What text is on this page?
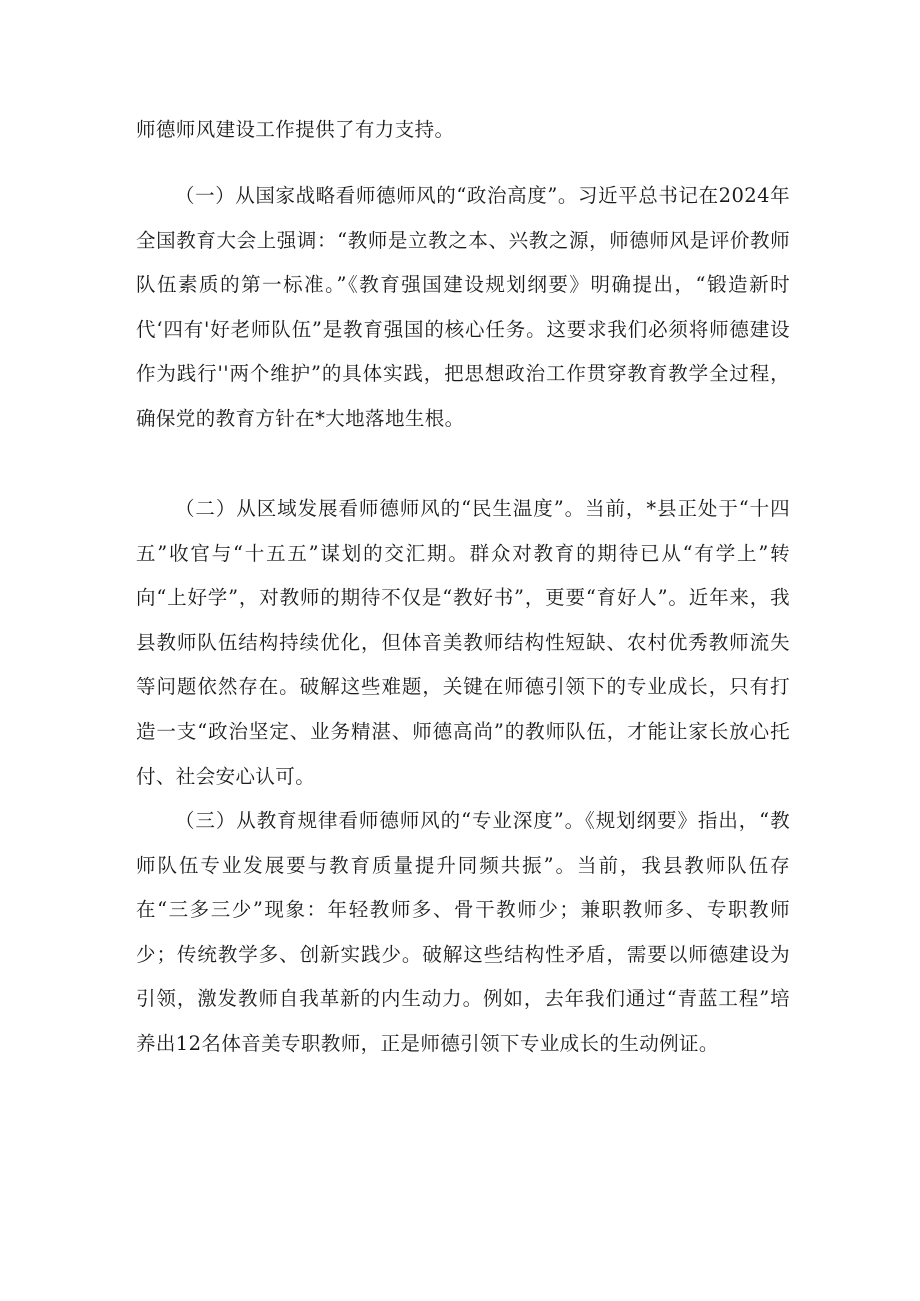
师德师风建设工作提供了有力支持。

（一）从国家战略看师德师风的“政治高度”。习近平总书记在2024年全国教育大会上强调：“教师是立教之本、兴教之源，师德师风是评价教师队伍素质的第一标准。”《教育强国建设规划纲要》明确提出，“锻造新时代‘四有'好老师队伍”是教育强国的核心任务。这要求我们必须将师德建设作为践行''两个维护”的具体实践，把思想政治工作贯穿教育教学全过程，确保党的教育方针在*大地落地生根。

（二）从区域发展看师德师风的“民生温度”。当前，*县正处于“十四五”收官与“十五五”谋划的交汇期。群众对教育的期待已从“有学上”转向“上好学”，对教师的期待不仅是“教好书”，更要“育好人”。近年来，我县教师队伍结构持续优化，但体音美教师结构性短缺、农村优秀教师流失等问题依然存在。破解这些难题，关键在师德引领下的专业成长，只有打造一支“政治坚定、业务精湛、师德高尚”的教师队伍，才能让家长放心托付、社会安心认可。

（三）从教育规律看师德师风的“专业深度”。《规划纲要》指出，“教师队伍专业发展要与教育质量提升同频共振”。当前，我县教师队伍存在“三多三少”现象：年轻教师多、骨干教师少；兼职教师多、专职教师少；传统教学多、创新实践少。破解这些结构性矛盾，需要以师德建设为引领，激发教师自我革新的内生动力。例如，去年我们通过“青蓝工程”培养出12名体音美专职教师，正是师德引领下专业成长的生动例证。
